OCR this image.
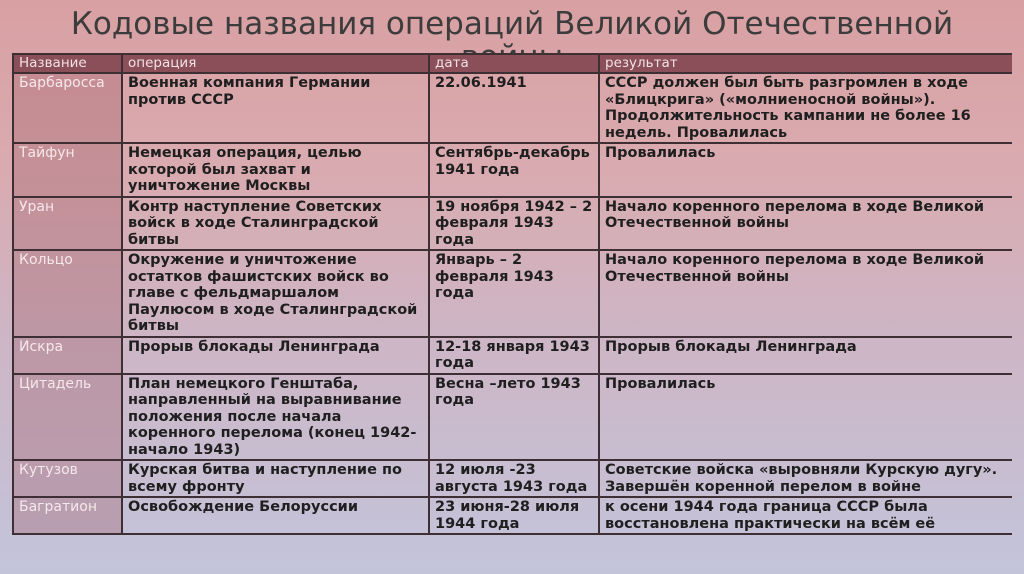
Кодовые названия операций Великой Отечественной
Название	операция	дата	результат
Барбаросса	Военная компания Германии против СССР	22.06.1941	СССР должен был быть разгромлен в ходе «Блицкрига» («молниеносной войны»). Продолжительность кампании не более 16 недель. Провалилась
Тайфун	Немецкая операция, целью которой был захват и уничтожение Москвы	Сентябрь-декабрь 1941 года	Провалилась
Уран	Контр наступление Советских войск в ходе Сталинградской битвы	19 ноября 1942 – 2 февраля 1943 года	Начало коренного перелома в ходе Великой Отечественной войны
Кольцо	Окружение и уничтожение остатков фашистских войск во главе с фельдмаршалом Паулюсом в ходе Сталинградской битвы	Январь – 2 февраля 1943 года	Начало коренного перелома в ходе Великой Отечественной войны
Искра	Прорыв блокады Ленинграда	12-18 января 1943 года	Прорыв блокады Ленинграда
Цитадель	План немецкого Генштаба, направленный на выравнивание положения после начала коренного перелома (конец 1942-начало 1943)	Весна –лето 1943 года	Провалилась
Кутузов	Курская битва и наступление по всему фронту	12 июля -23 августа 1943 года	Советские войска «выровняли Курскую дугу». Завершён коренной перелом в войне
Багратион	Освобождение Белоруссии	23 июня-28 июля 1944 года	к осени 1944 года граница СССР была восстановлена практически на всём её
